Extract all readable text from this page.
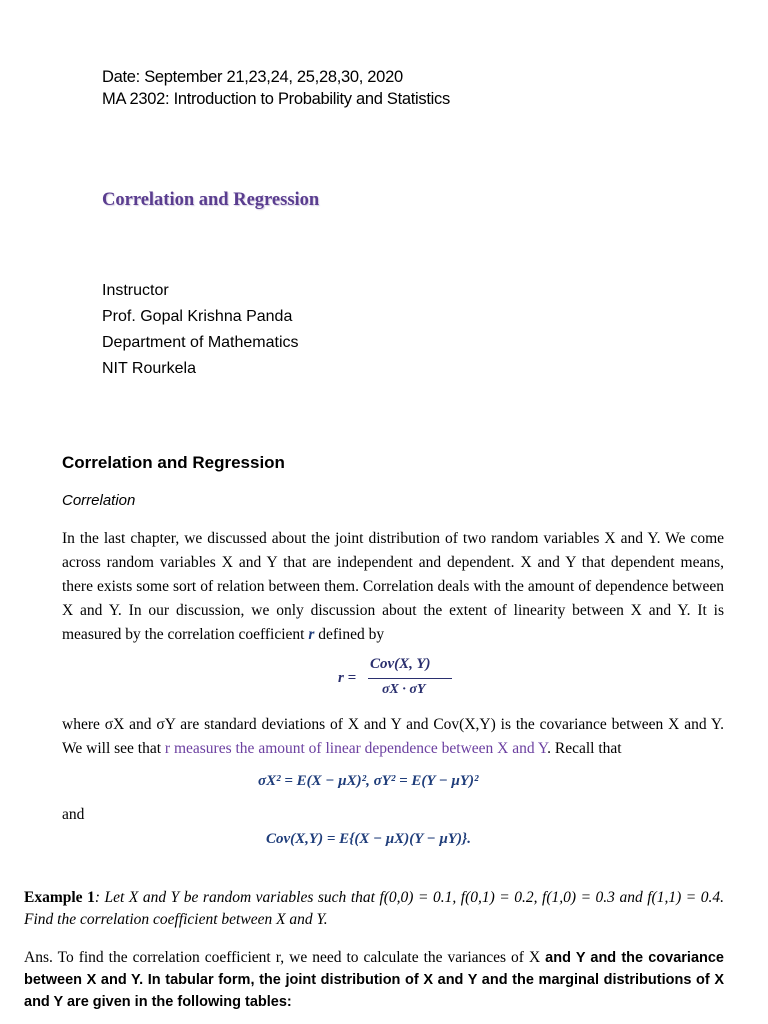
Date: September 21,23,24, 25,28,30, 2020
MA 2302: Introduction to Probability and Statistics
Correlation and Regression
Instructor
Prof. Gopal Krishna Panda
Department of Mathematics
NIT Rourkela
Correlation and Regression
Correlation
In the last chapter, we discussed about the joint distribution of two random variables X and Y. We come across random variables X and Y that are independent and dependent. X and Y that dependent means, there exists some sort of relation between them. Correlation deals with the amount of dependence between X and Y. In our discussion, we only discussion about the extent of linearity between X and Y. It is measured by the correlation coefficient r defined by
r =
Cov(X, Y)
σX · σY
where σX and σY are standard deviations of X and Y and Cov(X,Y) is the covariance between X and Y. We will see that r measures the amount of linear dependence between X and Y. Recall that
σX² = E(X − μX)², σY² = E(Y − μY)²
and
Cov(X,Y) = E{(X − μX)(Y − μY)}.
Example 1: Let X and Y be random variables such that f(0,0) = 0.1, f(0,1) = 0.2, f(1,0) = 0.3 and f(1,1) = 0.4. Find the correlation coefficient between X and Y.
Ans. To find the correlation coefficient r, we need to calculate the variances of X and Y and the covariance between X and Y. In tabular form, the joint distribution of X and Y and the marginal distributions of X and Y are given in the following tables:
